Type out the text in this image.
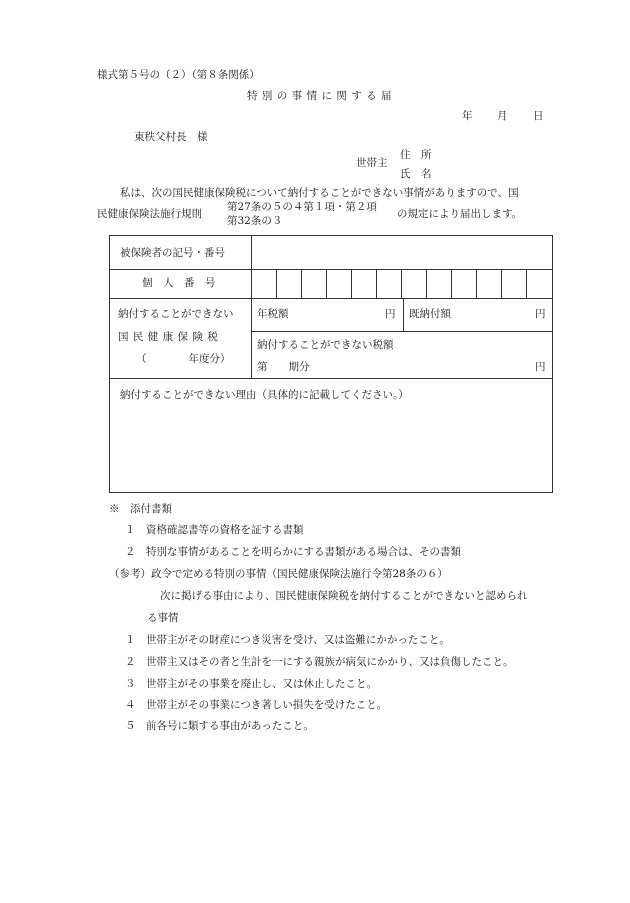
様式第５号の（２）（第８条関係）
特 別 の 事 情 に 関 す る 届
年 月 日
東秩父村長　様
住　所
世帯主
氏　名
私は、次の国民健康保険税について納付することができない事情がありますので、国
民健康保険法施行規則
第27条の５の４第１項・第２項
第32条の３
の規定により届出します。
被保険者の記号・番号
個　人　番　号
納付することができない
国 民 健 康 保 険 税
（　　　　年度分）
年税額	円 既納付額	円
納付することができない税額
第　　期分	円
納付することができない理由（具体的に記載してください。）
※　添付書類
１　資格確認書等の資格を証する書類
２　特別な事情があることを明らかにする書類がある場合は、その書類
（参考）政令で定める特別の事情（国民健康保険法施行令第28条の６）
次に掲げる事由により、国民健康保険税を納付することができないと認められ
る事情
１　世帯主がその財産につき災害を受け、又は盗難にかかったこと。
２　世帯主又はその者と生計を一にする親族が病気にかかり、又は負傷したこと。
３　世帯主がその事業を廃止し、又は休止したこと。
４　世帯主がその事業につき著しい損失を受けたこと。
５　前各号に類する事由があったこと。
